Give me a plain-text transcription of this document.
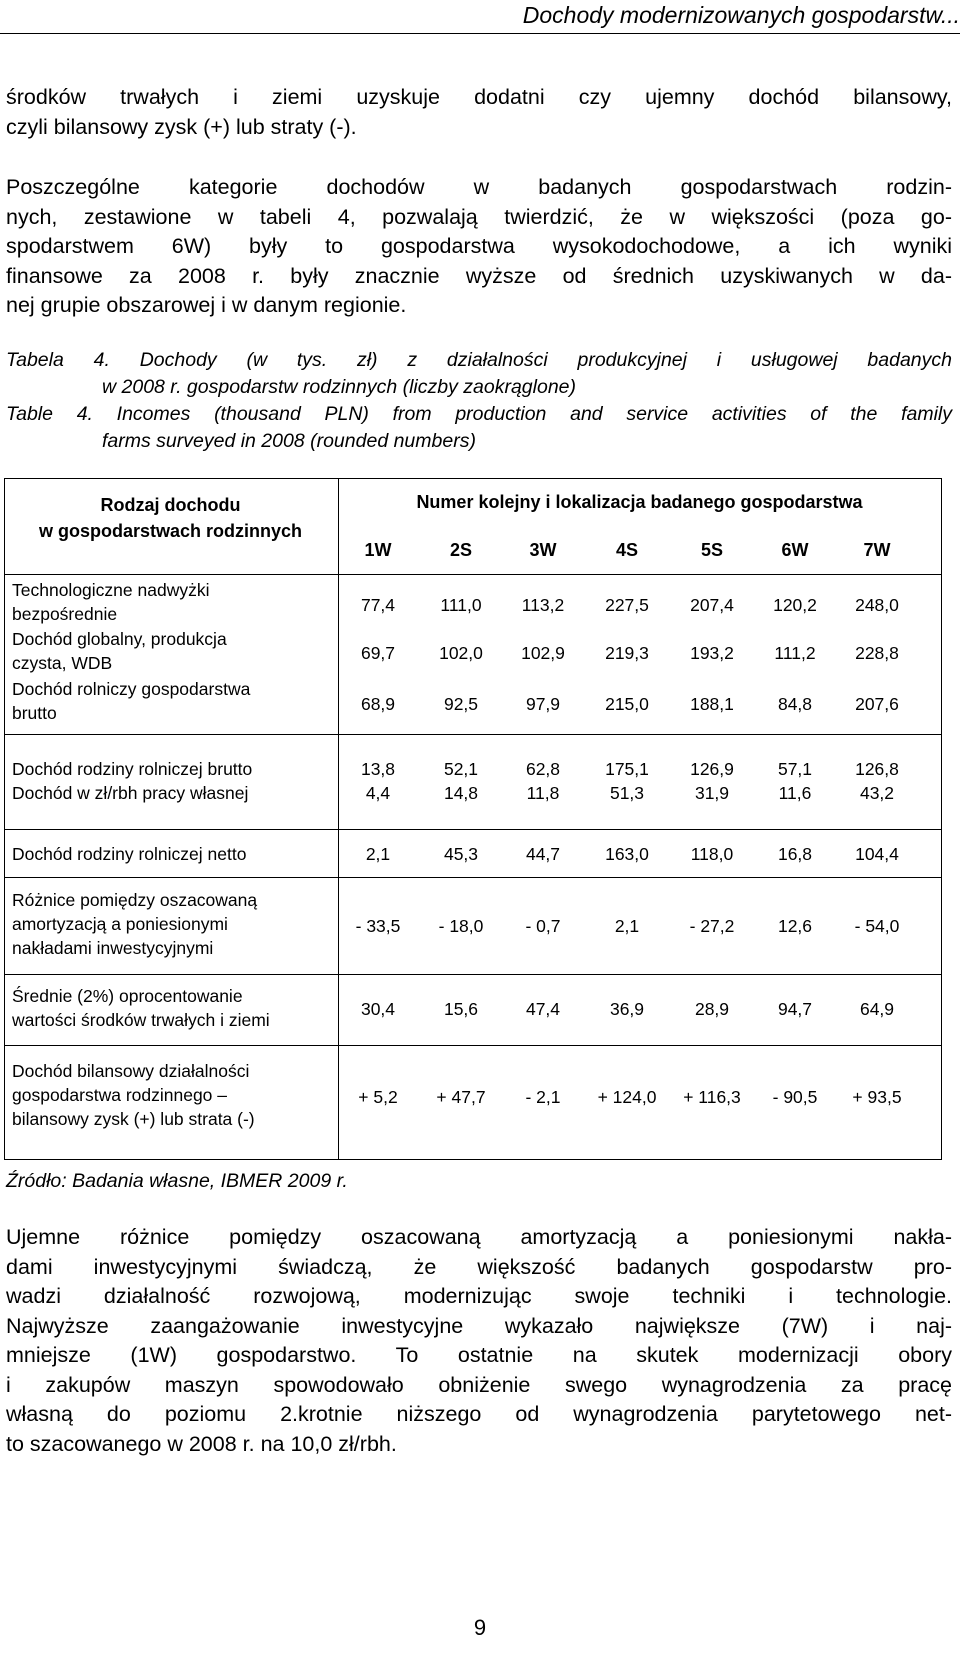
Dochody modernizowanych gospodarstw...
środków trwałych i ziemi uzyskuje dodatni czy ujemny dochód bilansowy,
czyli bilansowy zysk (+) lub straty (-).
Poszczególne kategorie dochodów w badanych gospodarstwach rodzin-
nych, zestawione w tabeli 4, pozwalają twierdzić, że w większości (poza go-
spodarstwem 6W) były to gospodarstwa wysokodochodowe, a ich wyniki
finansowe za 2008 r. były znacznie wyższe od średnich uzyskiwanych w da-
nej grupie obszarowej i w danym regionie.
Tabela 4. Dochody (w tys. zł) z działalności produkcyjnej i usługowej badanych
w 2008 r. gospodarstw rodzinnych (liczby zaokrąglone)
Table 4. Incomes (thousand PLN) from production and service activities of the family
farms surveyed in 2008 (rounded numbers)
Rodzaj dochodu
w gospodarstwach rodzinnych
Numer kolejny i lokalizacja badanego gospodarstwa
1W	2S	3W	4S	5S	6W	7W
Technologiczne nadwyżki
bezpośrednie	77,4	111,0	113,2	227,5	207,4	120,2	248,0
Dochód globalny, produkcja
czysta, WDB	69,7	102,0	102,9	219,3	193,2	111,2	228,8
Dochód rolniczy gospodarstwa
brutto	68,9	92,5	97,9	215,0	188,1	84,8	207,6
Dochód rodziny rolniczej brutto	13,8	52,1	62,8	175,1	126,9	57,1	126,8
Dochód w zł/rbh pracy własnej	4,4	14,8	11,8	51,3	31,9	11,6	43,2
Dochód rodziny rolniczej netto	2,1	45,3	44,7	163,0	118,0	16,8	104,4
Różnice pomiędzy oszacowaną
amortyzacją a poniesionymi
nakładami inwestycyjnymi
- 33,5	- 18,0	- 0,7	2,1	- 27,2	12,6	- 54,0
Średnie (2%) oprocentowanie
wartości środków trwałych i ziemi
30,4	15,6	47,4	36,9	28,9	94,7	64,9
Dochód bilansowy działalności
gospodarstwa rodzinnego –
bilansowy zysk (+) lub strata (-)
+ 5,2	+ 47,7	- 2,1	+ 124,0	+ 116,3	- 90,5	+ 93,5
Źródło: Badania własne, IBMER 2009 r.
Ujemne różnice pomiędzy oszacowaną amortyzacją a poniesionymi nakła-
dami inwestycyjnymi świadczą, że większość badanych gospodarstw pro-
wadzi działalność rozwojową, modernizując swoje techniki i technologie.
Najwyższe zaangażowanie inwestycyjne wykazało największe (7W) i naj-
mniejsze (1W) gospodarstwo. To ostatnie na skutek modernizacji obory
i zakupów maszyn spowodowało obniżenie swego wynagrodzenia za pracę
własną do poziomu 2.krotnie niższego od wynagrodzenia parytetowego net-
to szacowanego w 2008 r. na 10,0 zł/rbh.
9
